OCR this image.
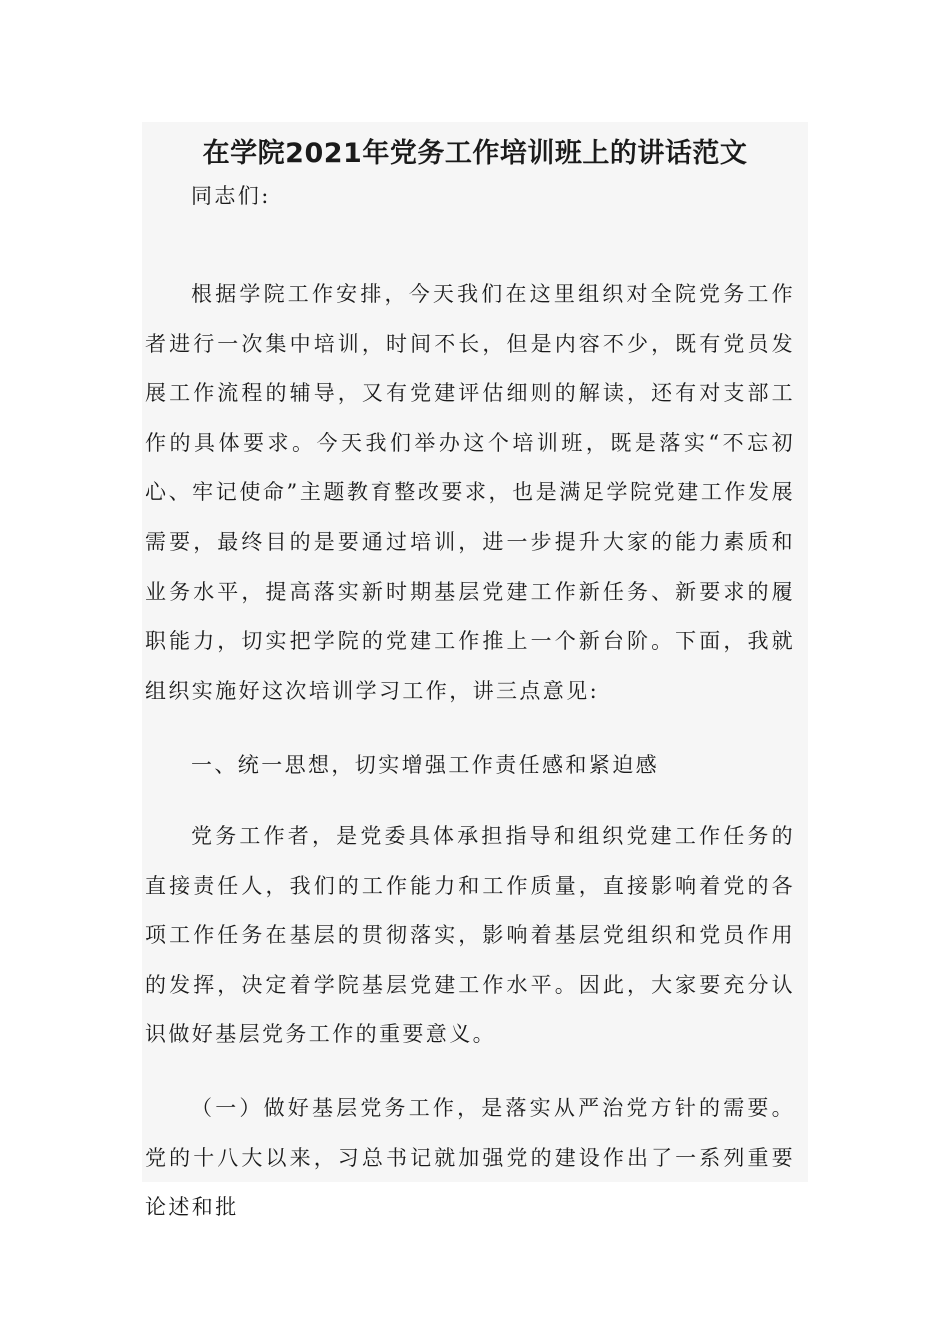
在学院2021年党务工作培训班上的讲话范文

同志们:

根据学院工作安排，今天我们在这里组织对全院党务工作者进行一次集中培训，时间不长，但是内容不少，既有党员发展工作流程的辅导，又有党建评估细则的解读，还有对支部工作的具体要求。今天我们举办这个培训班，既是落实“不忘初心、牢记使命”主题教育整改要求，也是满足学院党建工作发展需要，最终目的是要通过培训，进一步提升大家的能力素质和业务水平，提高落实新时期基层党建工作新任务、新要求的履职能力，切实把学院的党建工作推上一个新台阶。下面，我就组织实施好这次培训学习工作，讲三点意见:

一、统一思想，切实增强工作责任感和紧迫感

党务工作者，是党委具体承担指导和组织党建工作任务的直接责任人，我们的工作能力和工作质量，直接影响着党的各项工作任务在基层的贯彻落实，影响着基层党组织和党员作用的发挥，决定着学院基层党建工作水平。因此，大家要充分认识做好基层党务工作的重要意义。

（一）做好基层党务工作，是落实从严治党方针的需要。党的十八大以来，习总书记就加强党的建设作出了一系列重要论述和批
